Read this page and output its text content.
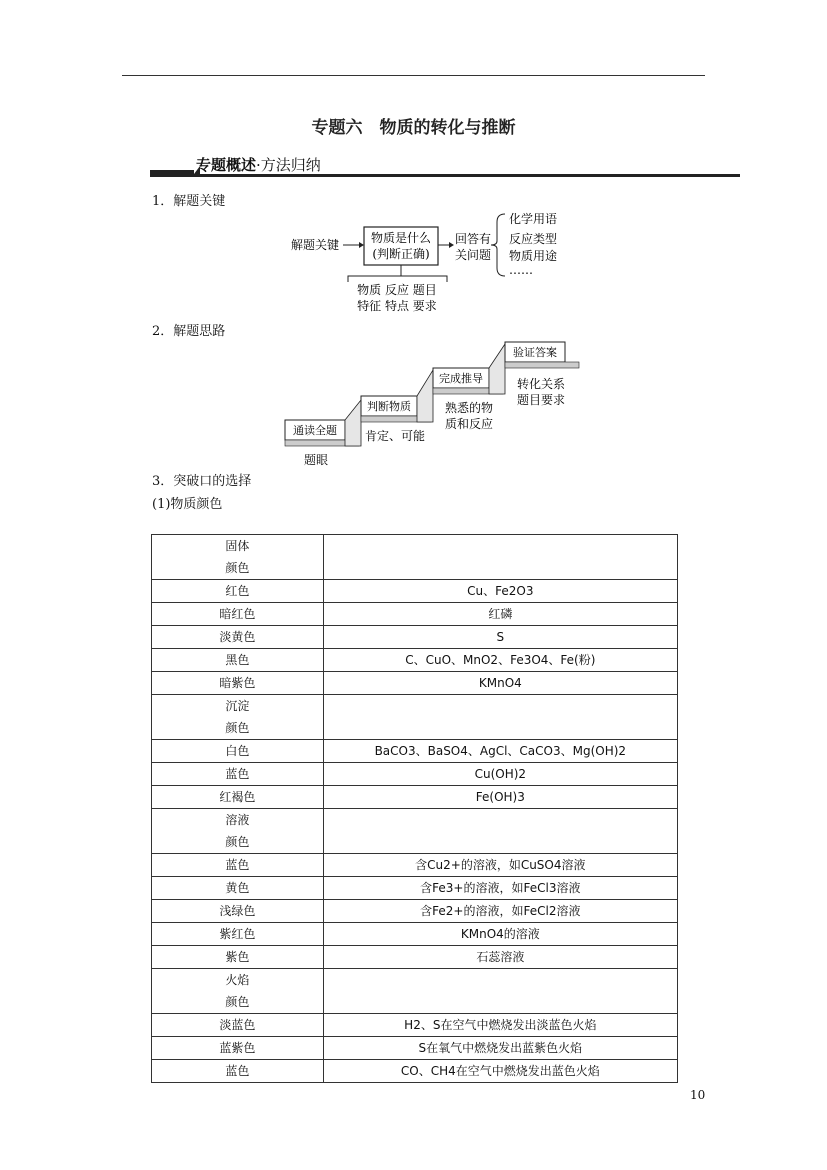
专题六　物质的转化与推断
专题概述·方法归纳
1．解题关键
解题关键	物质是什么
(判断正确)
回答有
关问题
化学用语
反应类型
物质用途
……
物质 反应 题目
特征 特点 要求
2．解题思路
通读全题
题眼
判断物质
肯定、可能
完成推导
熟悉的物
质和反应
验证答案
转化关系
题目要求
3．突破口的选择
(1)物质颜色
固体
颜色	

红色	Cu、Fe2O3
暗红色	红磷
淡黄色	S
黑色	C、CuO、MnO2、Fe3O4、Fe(粉)
暗紫色	KMnO4

沉淀
颜色	

白色	BaCO3、BaSO4、AgCl、CaCO3、Mg(OH)2
蓝色	Cu(OH)2
红褐色	Fe(OH)3

溶液
颜色	

蓝色	含Cu2+的溶液，如CuSO4溶液
黄色	含Fe3+的溶液，如FeCl3溶液
浅绿色	含Fe2+的溶液，如FeCl2溶液
紫红色	KMnO4的溶液
紫色	石蕊溶液

火焰
颜色	

淡蓝色	H2、S在空气中燃烧发出淡蓝色火焰
蓝紫色	S在氧气中燃烧发出蓝紫色火焰
蓝色	CO、CH4在空气中燃烧发出蓝色火焰
10
